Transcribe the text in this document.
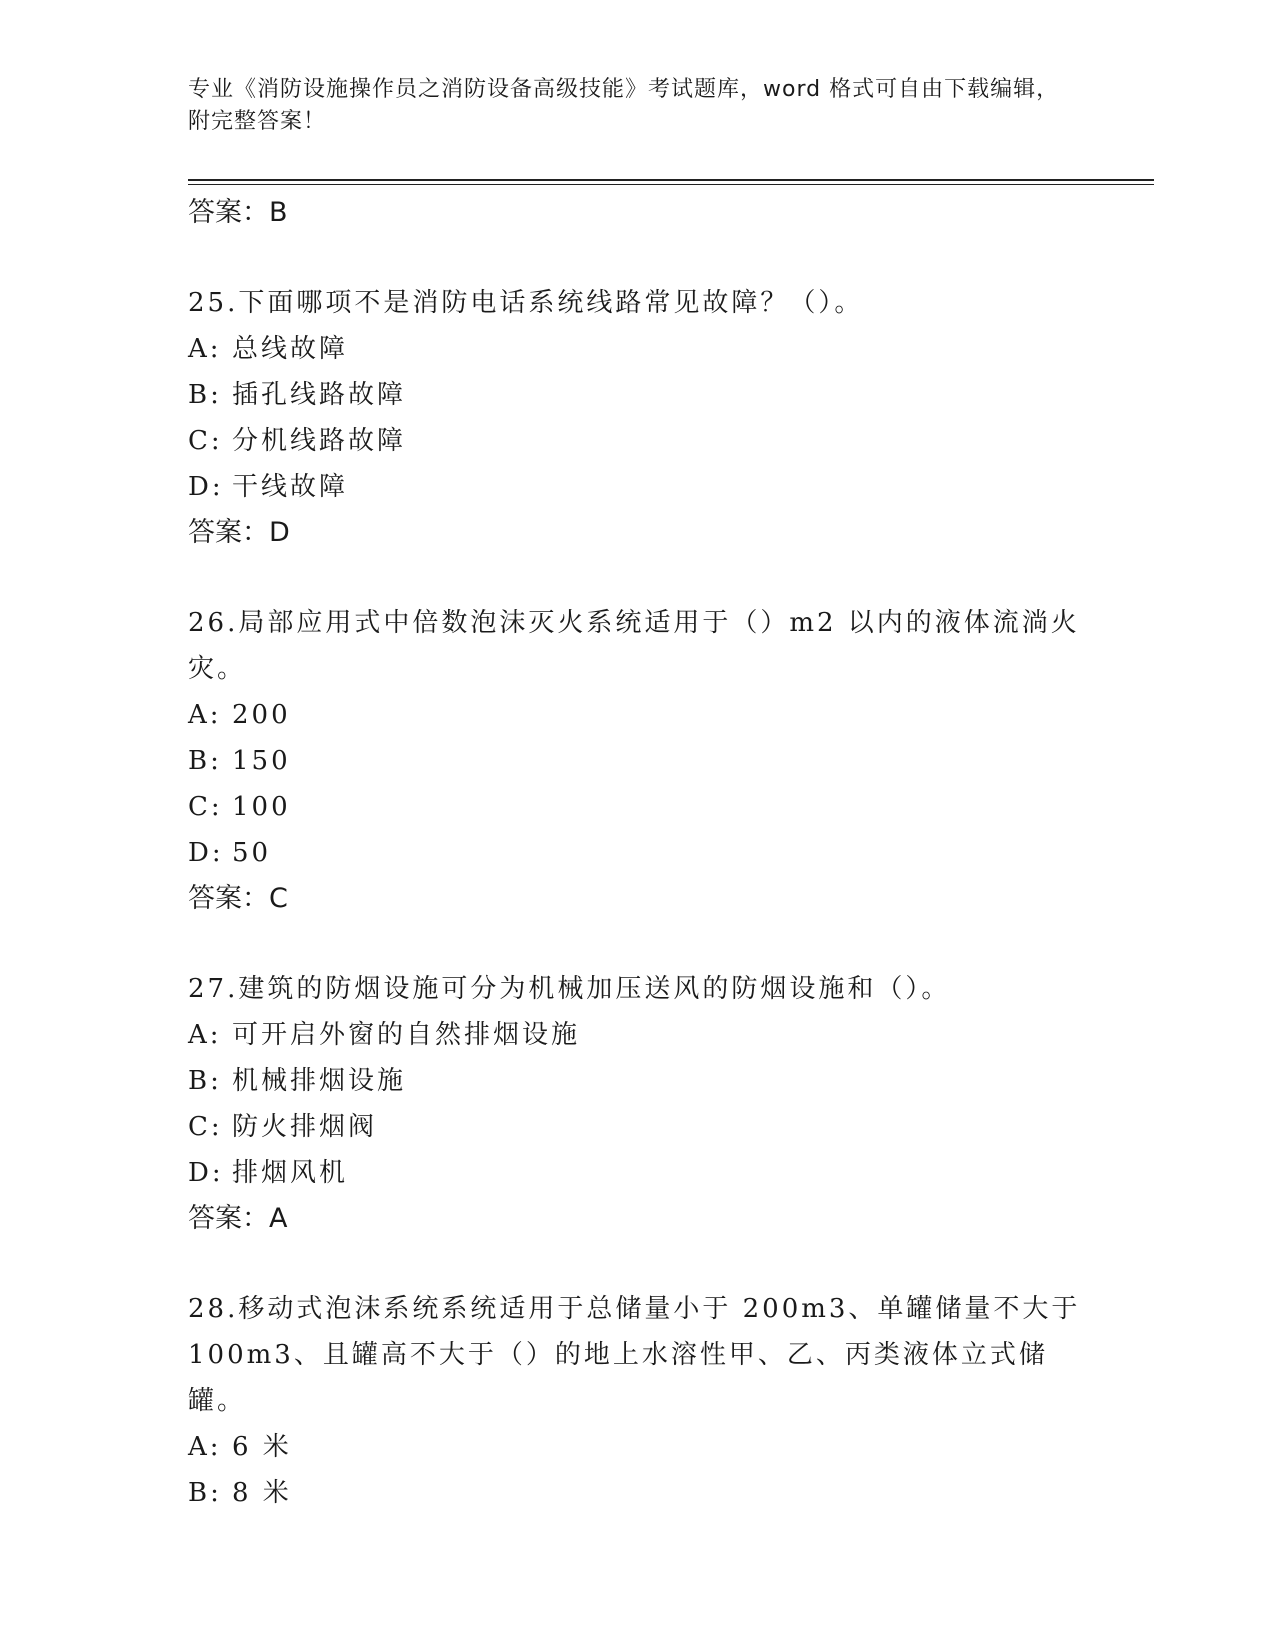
专业《消防设施操作员之消防设备高级技能》考试题库，word 格式可自由下载编辑，附完整答案！
答案：B
25.下面哪项不是消防电话系统线路常见故障？（）。
A: 总线故障
B: 插孔线路故障
C: 分机线路故障
D: 干线故障
答案：D
26.局部应用式中倍数泡沫灭火系统适用于（）m2 以内的液体流淌火灾。
A: 200
B: 150
C: 100
D: 50
答案：C
27.建筑的防烟设施可分为机械加压送风的防烟设施和（）。
A: 可开启外窗的自然排烟设施
B: 机械排烟设施
C: 防火排烟阀
D: 排烟风机
答案：A
28.移动式泡沫系统系统适用于总储量小于 200m3、单罐储量不大于 100m3、且罐高不大于（）的地上水溶性甲、乙、丙类液体立式储罐。
A: 6 米
B: 8 米
